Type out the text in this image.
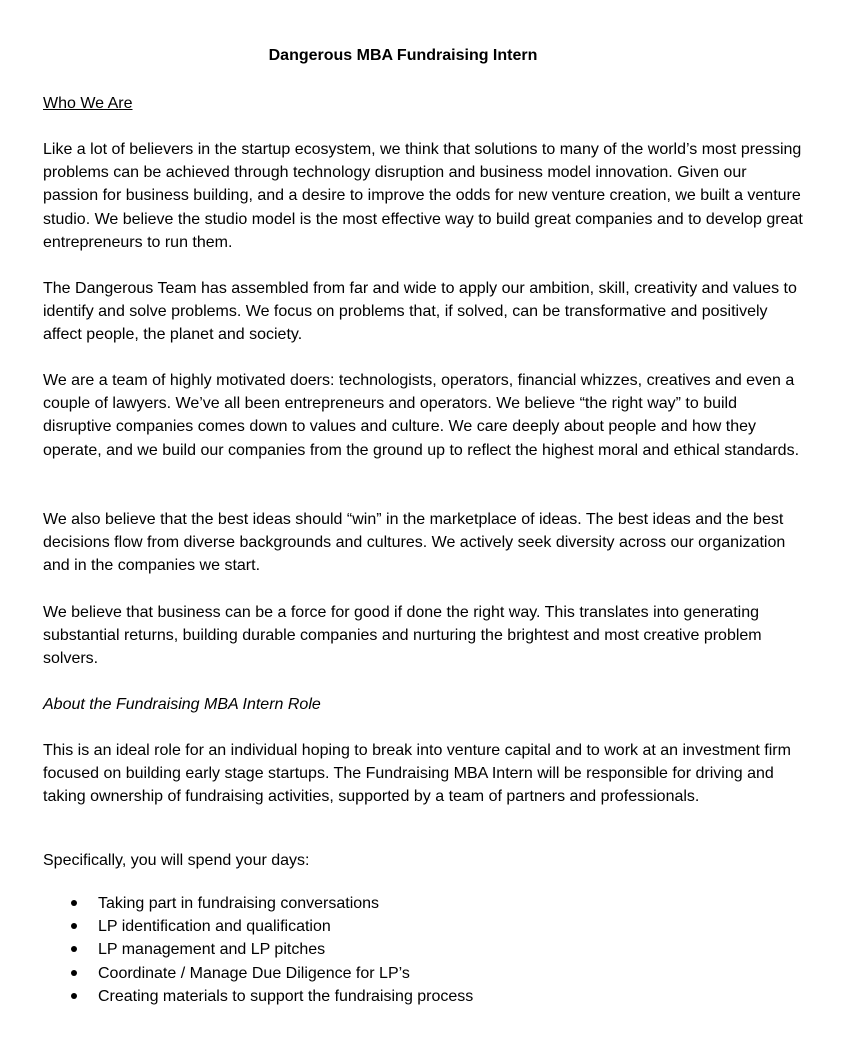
Dangerous MBA Fundraising Intern

Who We Are

Like a lot of believers in the startup ecosystem, we think that solutions to many of the world’s most pressing problems can be achieved through technology disruption and business model innovation. Given our passion for business building, and a desire to improve the odds for new venture creation, we built a venture studio. We believe the studio model is the most effective way to build great companies and to develop great entrepreneurs to run them.

The Dangerous Team has assembled from far and wide to apply our ambition, skill, creativity and values to identify and solve problems. We focus on problems that, if solved, can be transformative and positively affect people, the planet and society.

We are a team of highly motivated doers: technologists, operators, financial whizzes, creatives and even a couple of lawyers. We’ve all been entrepreneurs and operators. We believe “the right way” to build disruptive companies comes down to values and culture. We care deeply about people and how they operate, and we build our companies from the ground up to reflect the highest moral and ethical standards.

We also believe that the best ideas should “win” in the marketplace of ideas. The best ideas and the best decisions flow from diverse backgrounds and cultures. We actively seek diversity across our organization and in the companies we start.

We believe that business can be a force for good if done the right way. This translates into generating substantial returns, building durable companies and nurturing the brightest and most creative problem solvers.

About the Fundraising MBA Intern Role

This is an ideal role for an individual hoping to break into venture capital and to work at an investment firm focused on building early stage startups. The Fundraising MBA Intern will be responsible for driving and taking ownership of fundraising activities, supported by a team of partners and professionals.

Specifically, you will spend your days:

Taking part in fundraising conversations
LP identification and qualification
LP management and LP pitches
Coordinate / Manage Due Diligence for LP’s
Creating materials to support the fundraising process
